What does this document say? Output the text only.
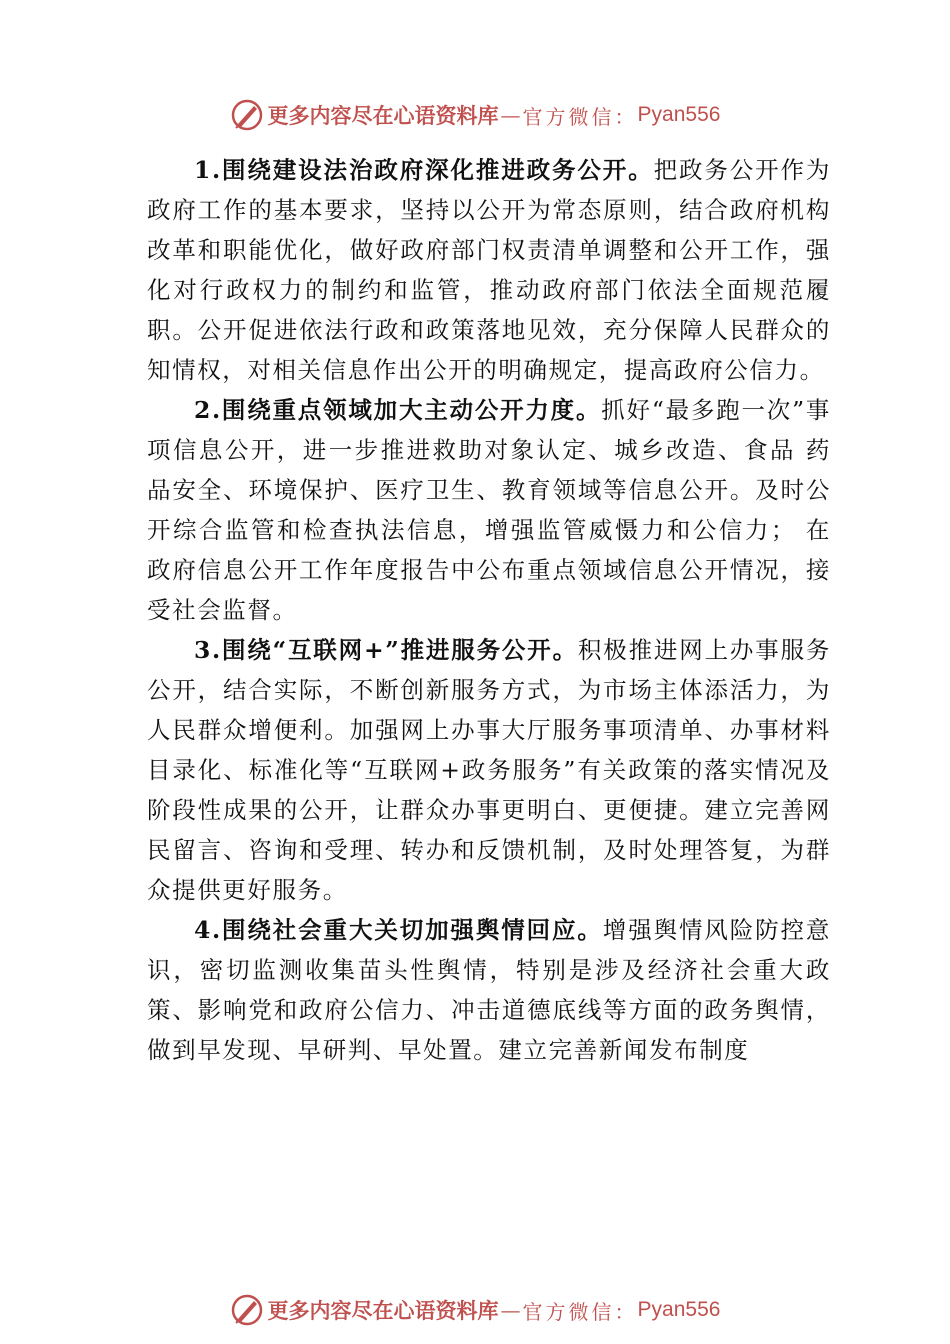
更多内容尽在心语资料库 — 官方微信： Pyan556

1.围绕建设法治政府深化推进政务公开。把政务公开作为政府工作的基本要求，坚持以公开为常态原则，结合政府机构改革和职能优化，做好政府部门权责清单调整和公开工作，强化对行政权力的制约和监管，推动政府部门依法全面规范履职。公开促进依法行政和政策落地见效，充分保障人民群众的知情权，对相关信息作出公开的明确规定，提高政府公信力。

2.围绕重点领域加大主动公开力度。抓好“最多跑一次”事项信息公开，进一步推进救助对象认定、城乡改造、食品 药品安全、环境保护、医疗卫生、教育领域等信息公开。及时公开综合监管和检查执法信息，增强监管威慑力和公信力； 在政府信息公开工作年度报告中公布重点领域信息公开情况，接受社会监督。

3.围绕“互联网+”推进服务公开。积极推进网上办事服务公开，结合实际，不断创新服务方式，为市场主体添活力，为人民群众增便利。加强网上办事大厅服务事项清单、办事材料目录化、标准化等“互联网+政务服务”有关政策的落实情况及阶段性成果的公开，让群众办事更明白、更便捷。建立完善网民留言、咨询和受理、转办和反馈机制，及时处理答复，为群众提供更好服务。

4.围绕社会重大关切加强舆情回应。增强舆情风险防控意识，密切监测收集苗头性舆情，特别是涉及经济社会重大政策、影响党和政府公信力、冲击道德底线等方面的政务舆情，做到早发现、早研判、早处置。建立完善新闻发布制度

更多内容尽在心语资料库 — 官方微信： Pyan556
